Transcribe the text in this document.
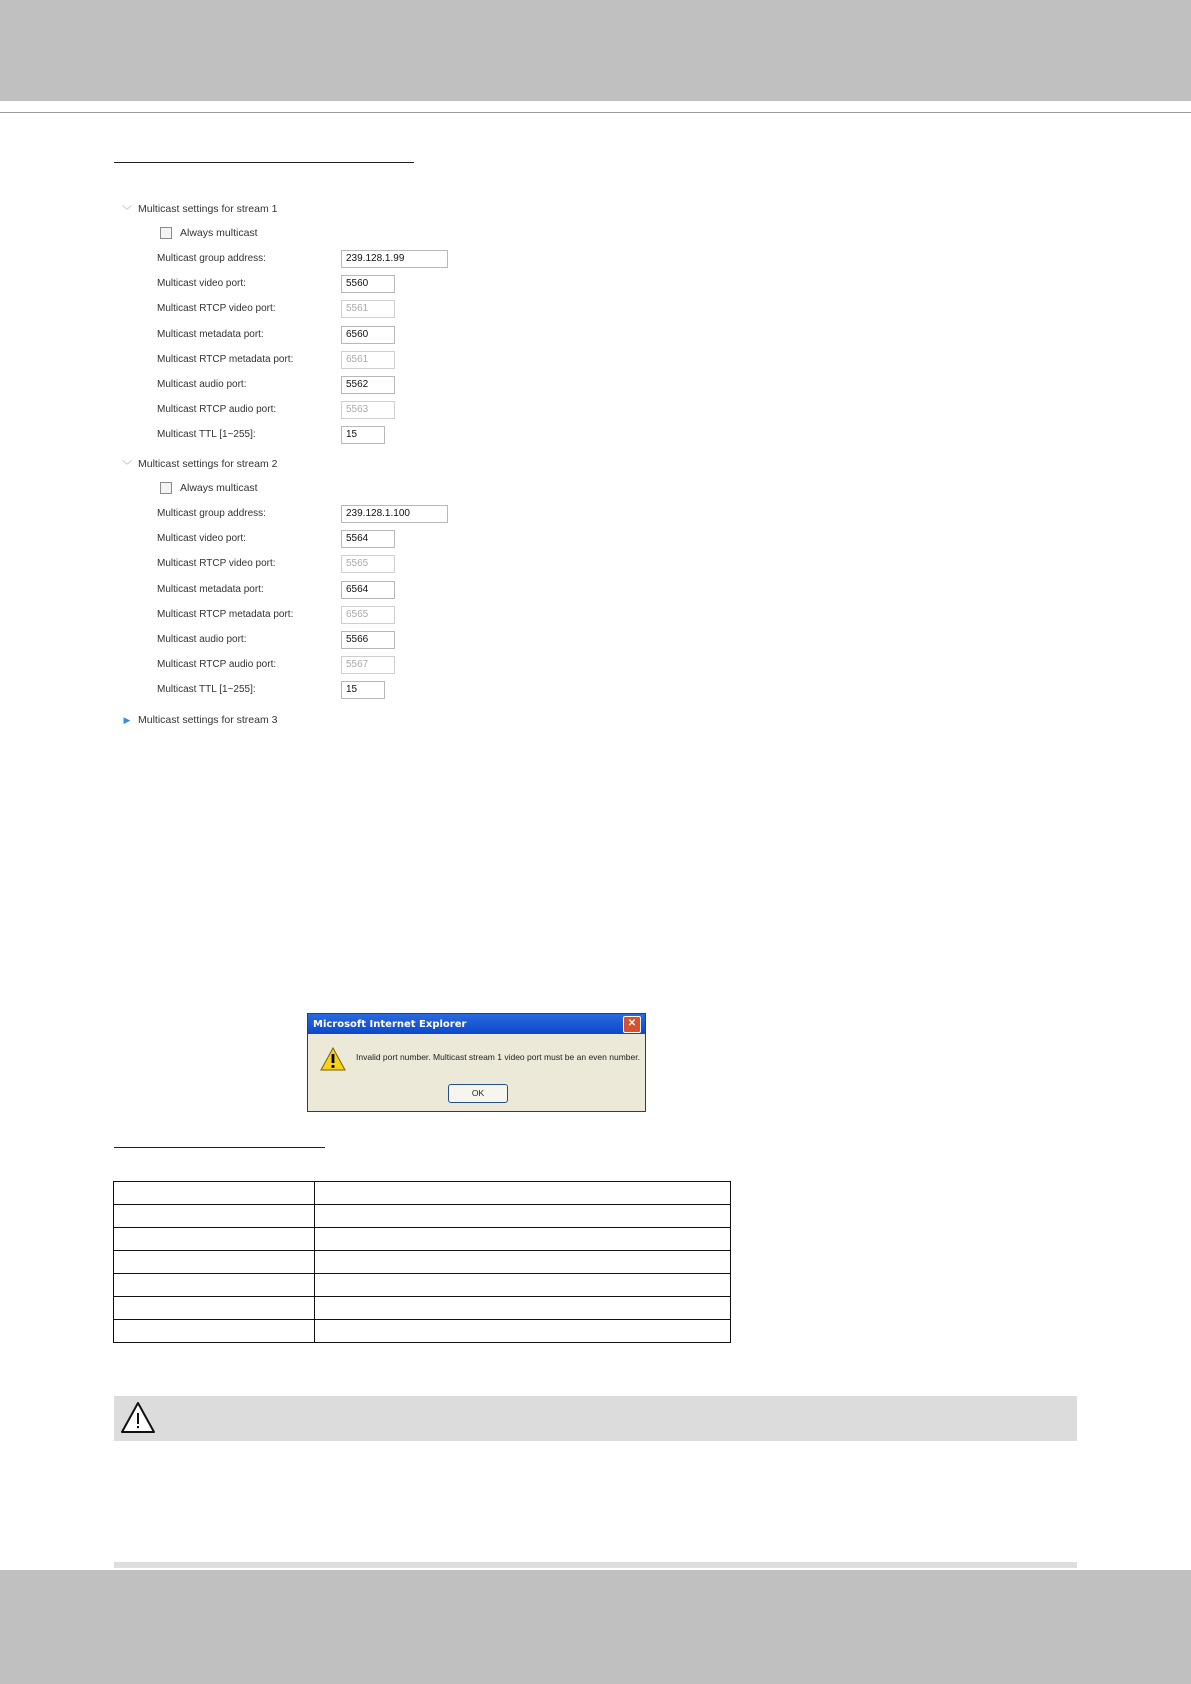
﹀ Multicast settings for stream 1
Always multicast
Multicast group address:	239.128.1.99
Multicast video port:	5560
Multicast RTCP video port:	5561
Multicast metadata port:	6560
Multicast RTCP metadata port:	6561
Multicast audio port:	5562
Multicast RTCP audio port:	5563
Multicast TTL [1~255]:	15
﹀ Multicast settings for stream 2
Always multicast
Multicast group address:	239.128.1.100
Multicast video port:	5564
Multicast RTCP video port:	5565
Multicast metadata port:	6564
Multicast RTCP metadata port:	6565
Multicast audio port:	5566
Multicast RTCP audio port:	5567
Multicast TTL [1~255]:	15
▶ Multicast settings for stream 3
Microsoft Internet Explorer	✕
Invalid port number. Multicast stream 1 video port must be an even number.
OK
